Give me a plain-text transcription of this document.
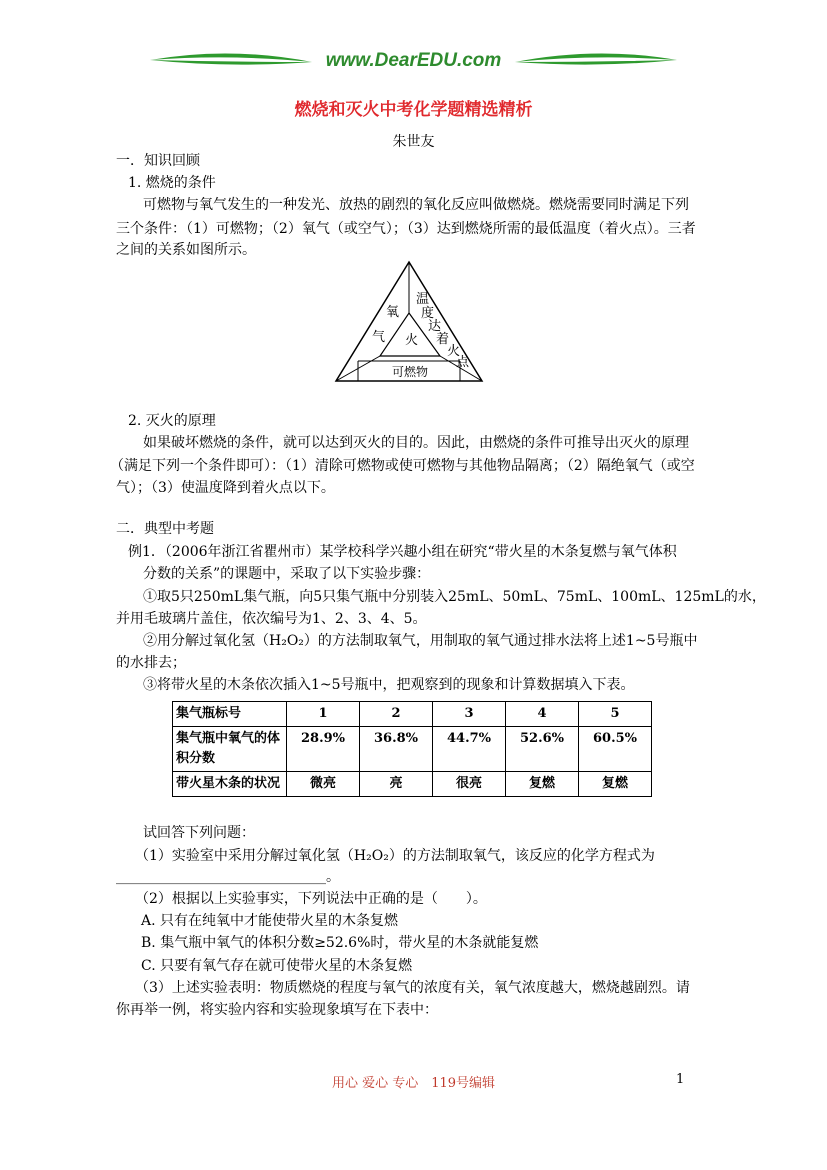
www.DearEDU.com
燃烧和灭火中考化学题精选精析
朱世友
一．知识回顾
1. 燃烧的条件
可燃物与氧气发生的一种发光、放热的剧烈的氧化反应叫做燃烧。燃烧需要同时满足下列
三个条件：（1）可燃物；（2）氧气（或空气）；（3）达到燃烧所需的最低温度（着火点）。三者
之间的关系如图所示。
火
氧
气
温
度
达
着
火
点
可燃物
2. 灭火的原理
如果破坏燃烧的条件，就可以达到灭火的目的。因此，由燃烧的条件可推导出灭火的原理
（满足下列一个条件即可）：（1）清除可燃物或使可燃物与其他物品隔离；（2）隔绝氧气（或空
气）；（3）使温度降到着火点以下。
二．典型中考题
例1．（2006年浙江省瞿州市）某学校科学兴趣小组在研究“带火星的木条复燃与氧气体积
分数的关系”的课题中，采取了以下实验步骤：
①取5只250mL集气瓶，向5只集气瓶中分别装入25mL、50mL、75mL、100mL、125mL的水，
并用毛玻璃片盖住，依次编号为1、2、3、4、5。
②用分解过氧化氢（H₂O₂）的方法制取氧气，用制取的氧气通过排水法将上述1~5号瓶中
的水排去；
③将带火星的木条依次插入1~5号瓶中，把观察到的现象和计算数据填入下表。
集气瓶标号	1	2	3	4	5
集气瓶中氧气的体积分数	28.9%	36.8%	44.7%	52.6%	60.5%
带火星木条的状况	微亮	亮	很亮	复燃	复燃
试回答下列问题：
（1）实验室中采用分解过氧化氢（H₂O₂）的方法制取氧气，该反应的化学方程式为
______________________________。
（2）根据以上实验事实，下列说法中正确的是（　　）。
A. 只有在纯氧中才能使带火星的木条复燃
B. 集气瓶中氧气的体积分数≥52.6%时，带火星的木条就能复燃
C. 只要有氧气存在就可使带火星的木条复燃
（3）上述实验表明：物质燃烧的程度与氧气的浓度有关，氧气浓度越大，燃烧越剧烈。请
你再举一例，将实验内容和实验现象填写在下表中：
用心 爱心 专心　119号编辑	1
